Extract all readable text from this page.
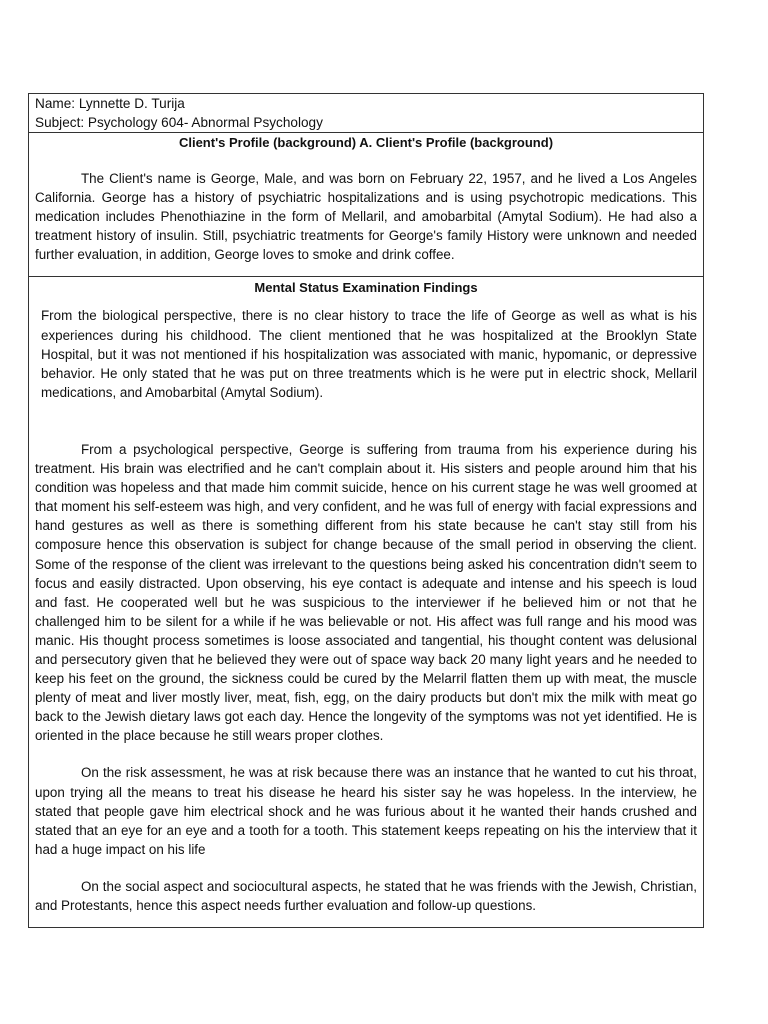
Name: Lynnette D. Turija
Subject: Psychology 604- Abnormal Psychology
Client's Profile (background) A. Client's Profile (background)

The Client's name is George, Male, and was born on February 22, 1957, and he lived a Los Angeles California. George has a history of psychiatric hospitalizations and is using psychotropic medications. This medication includes Phenothiazine in the form of Mellaril, and amobarbital (Amytal Sodium). He had also a treatment history of insulin. Still, psychiatric treatments for George's family History were unknown and needed further evaluation, in addition, George loves to smoke and drink coffee.

Mental Status Examination Findings

From the biological perspective, there is no clear history to trace the life of George as well as what is his experiences during his childhood. The client mentioned that he was hospitalized at the Brooklyn State Hospital, but it was not mentioned if his hospitalization was associated with manic, hypomanic, or depressive behavior. He only stated that he was put on three treatments which is he were put in electric shock, Mellaril medications, and Amobarbital (Amytal Sodium).

From a psychological perspective, George is suffering from trauma from his experience during his treatment. His brain was electrified and he can't complain about it. His sisters and people around him that his condition was hopeless and that made him commit suicide, hence on his current stage he was well groomed at that moment his self-esteem was high, and very confident, and he was full of energy with facial expressions and hand gestures as well as there is something different from his state because he can't stay still from his composure hence this observation is subject for change because of the small period in observing the client. Some of the response of the client was irrelevant to the questions being asked his concentration didn't seem to focus and easily distracted. Upon observing, his eye contact is adequate and intense and his speech is loud and fast. He cooperated well but he was suspicious to the interviewer if he believed him or not that he challenged him to be silent for a while if he was believable or not. His affect was full range and his mood was manic. His thought process sometimes is loose associated and tangential, his thought content was delusional and persecutory given that he believed they were out of space way back 20 many light years and he needed to keep his feet on the ground, the sickness could be cured by the Melarril flatten them up with meat, the muscle plenty of meat and liver mostly liver, meat, fish, egg, on the dairy products but don't mix the milk with meat go back to the Jewish dietary laws got each day. Hence the longevity of the symptoms was not yet identified. He is oriented in the place because he still wears proper clothes.

On the risk assessment, he was at risk because there was an instance that he wanted to cut his throat, upon trying all the means to treat his disease he heard his sister say he was hopeless. In the interview, he stated that people gave him electrical shock and he was furious about it he wanted their hands crushed and stated that an eye for an eye and a tooth for a tooth. This statement keeps repeating on his the interview that it had a huge impact on his life

On the social aspect and sociocultural aspects, he stated that he was friends with the Jewish, Christian, and Protestants, hence this aspect needs further evaluation and follow-up questions.
